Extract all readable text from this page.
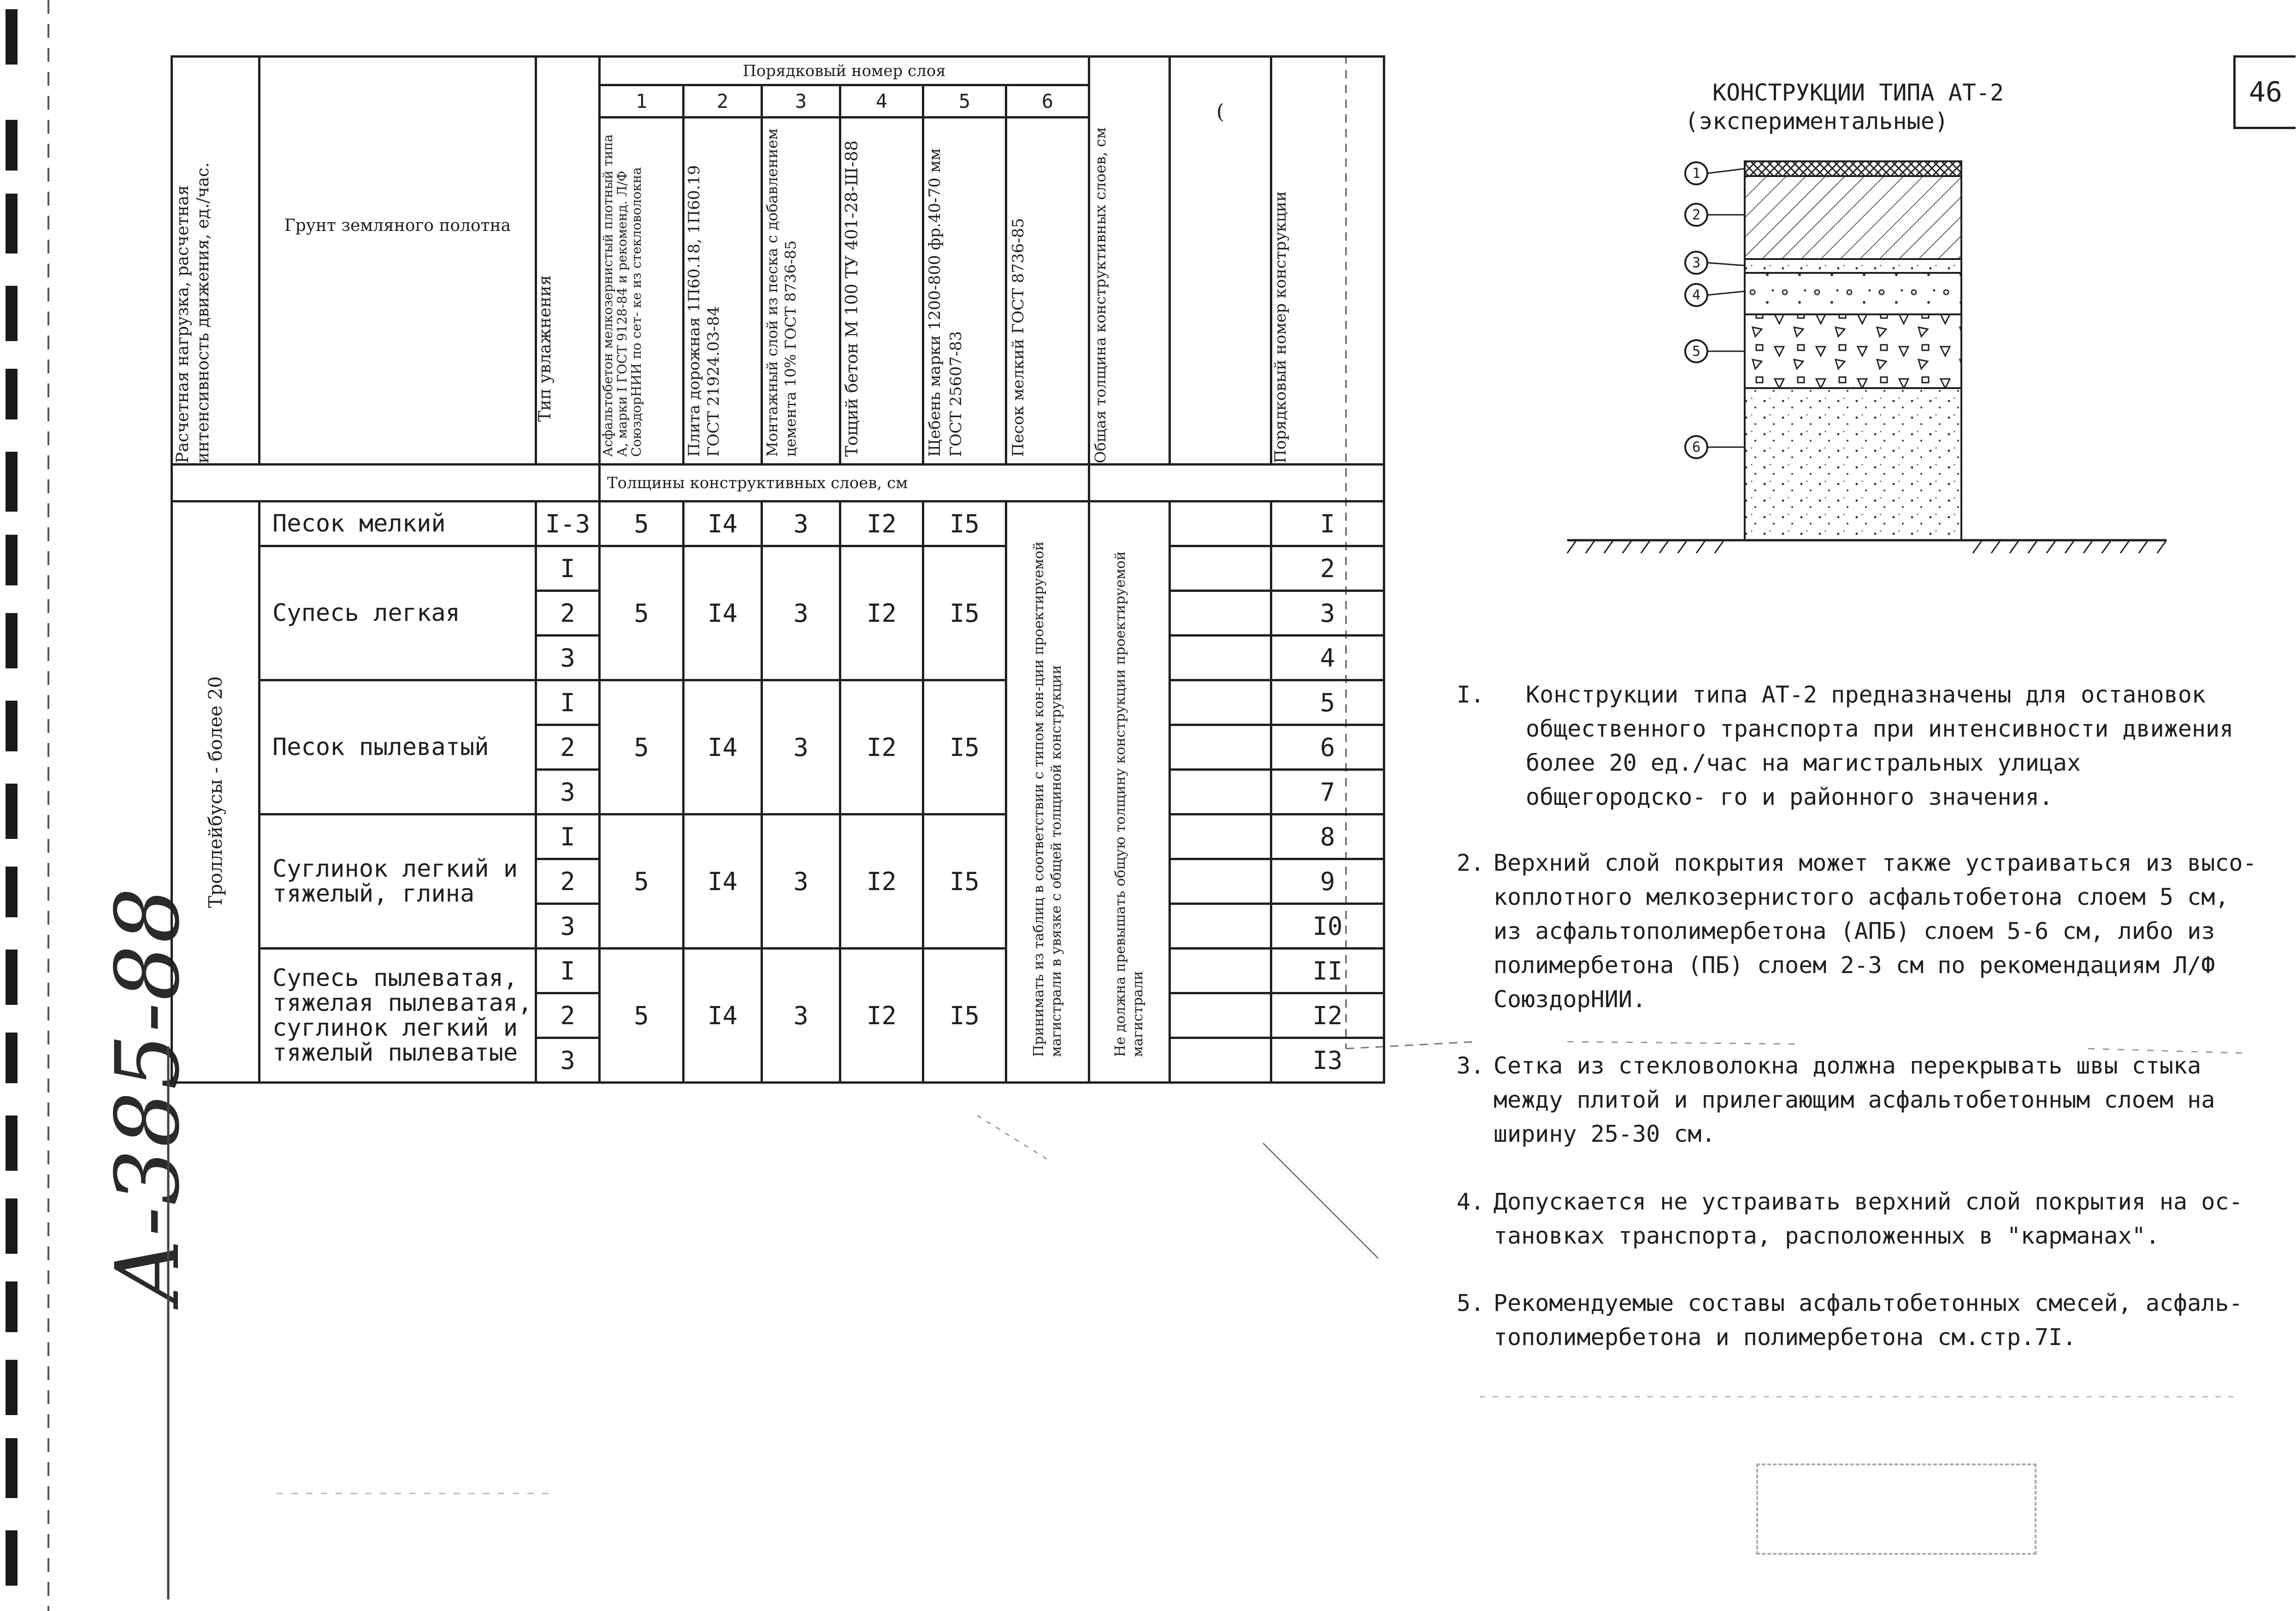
А-385-88
Расчетная нагрузка, расчетная интенсивность движения, ед./час.	Грунт земляного полотна	Тип увлажнения	Порядковый номер слоя						Общая толщина конструктивных слоев, см	(	Порядковый номер конструкции

			1	2	3	4	5	6			

			Асфальтобетон мелкозернистый плотный типа А, марки I ГОСТ 9128-84 и рекоменд. Л/Ф СоюздорНИИ по сет- ке из стекловолокна	Плита дорожная 1П60.18, 1П60.19 ГОСТ 21924.03-84	Монтажный слой из песка с добавлением цемента 10% ГОСТ 8736-85	Тощий бетон М 100 ТУ 401-28-Ш-88	Щебень марки 1200-800 фр.40-70 мм ГОСТ 25607-83	Песок мелкий ГОСТ 8736-85			

			Толщины конструктивных слоев, см								

Троллейбусы - более 20	Песок мелкий	I-3	5	I4	3	I2	I5	Принимать из таблиц в соответствии с типом кон-ции проектируемой магистрали в увязке с общей толщиной конструкции	Не должна превышать общую толщину конструкции проектируемой магистрали		I
	Супесь легкая	I	5	I4	3	I2	I5				2
		2									3
		3									4
	Песок пылеватый	I	5	I4	3	I2	I5				5
		2									6
		3									7
	Суглинок легкий и тяжелый, глина	I	5	I4	3	I2	I5				8
		2									9
		3									I0
	Супесь пылеватая, тяжелая пылеватая, суглинок легкий и тяжелый пылеватые	I	5	I4	3	I2	I5				II
		2									I2
		3									I3
КОНСТРУКЦИИ ТИПА АТ-2
(экспериментальные)
46
1
2
3
4
5
6
I. Конструкции типа АТ-2 предназначены для остановок общественного транспорта при интенсивности движения более 20 ед./час на магистральных улицах общегородско- го и районного значения.
2. Верхний слой покрытия может также устраиваться из высо- коплотного мелкозернистого асфальтобетона слоем 5 см, из асфальтополимербетона (АПБ) слоем 5-6 см, либо из полимербетона (ПБ) слоем 2-3 см по рекомендациям Л/Ф СоюздорНИИ.
3. Сетка из стекловолокна должна перекрывать швы стыка между плитой и прилегающим асфальтобетонным слоем на ширину 25-30 см.
4. Допускается не устраивать верхний слой покрытия на ос- тановках транспорта, расположенных в "карманах".
5. Рекомендуемые составы асфальтобетонных смесей, асфаль- тополимербетона и полимербетона см.стр.7I.
